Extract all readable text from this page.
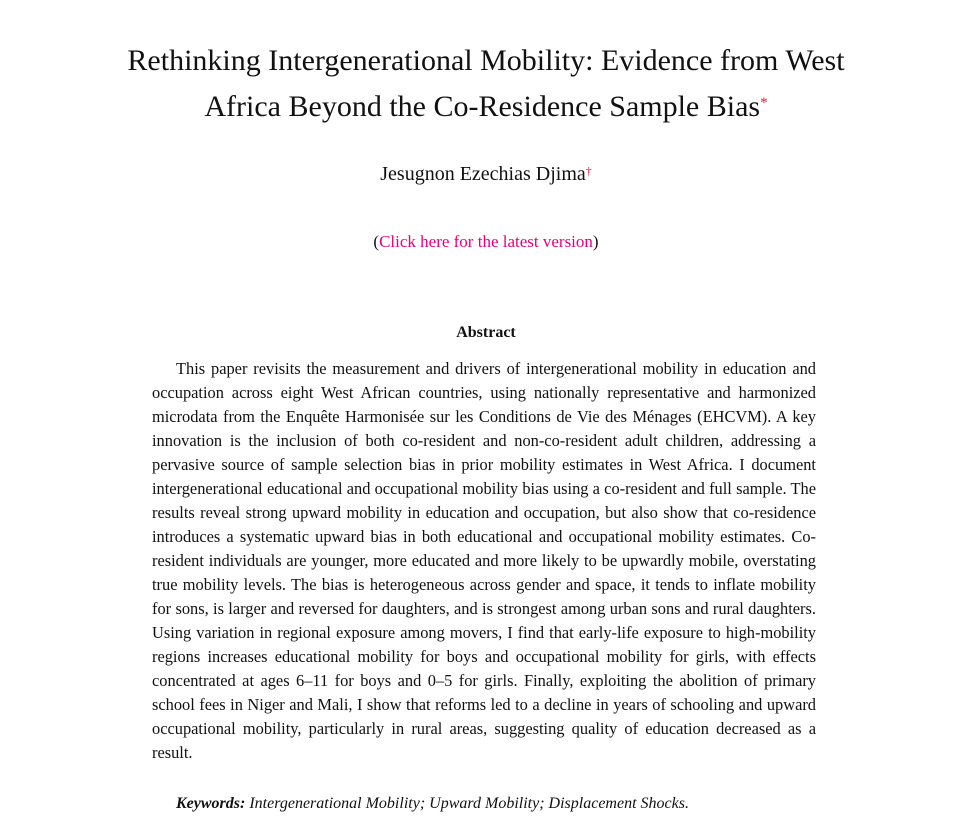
Rethinking Intergenerational Mobility: Evidence from West
Africa Beyond the Co-Residence Sample Bias*
Jesugnon Ezechias Djima†
(Click here for the latest version)
Abstract

This paper revisits the measurement and drivers of intergenerational mobility in education and occupation across eight West African countries, using nationally representative and harmonized microdata from the Enquête Harmonisée sur les Conditions de Vie des Ménages (EHCVM). A key innovation is the inclusion of both co-resident and non-co-resident adult children, addressing a pervasive source of sample selection bias in prior mobility estimates in West Africa. I document intergenerational educational and occupational mobility bias using a co-resident and full sample. The results reveal strong upward mobility in education and occupation, but also show that co-residence introduces a systematic upward bias in both educational and occupational mobility estimates. Co-resident individuals are younger, more educated and more likely to be upwardly mobile, overstating true mobility levels. The bias is heterogeneous across gender and space, it tends to inflate mobility for sons, is larger and reversed for daughters, and is strongest among urban sons and rural daughters. Using variation in regional exposure among movers, I find that early-life exposure to high-mobility regions increases educational mobility for boys and occupational mobility for girls, with effects concentrated at ages 6–11 for boys and 0–5 for girls. Finally, exploiting the abolition of primary school fees in Niger and Mali, I show that reforms led to a decline in years of schooling and upward occupational mobility, particularly in rural areas, suggesting quality of education decreased as a result.

Keywords: Intergenerational Mobility; Upward Mobility; Displacement Shocks.
